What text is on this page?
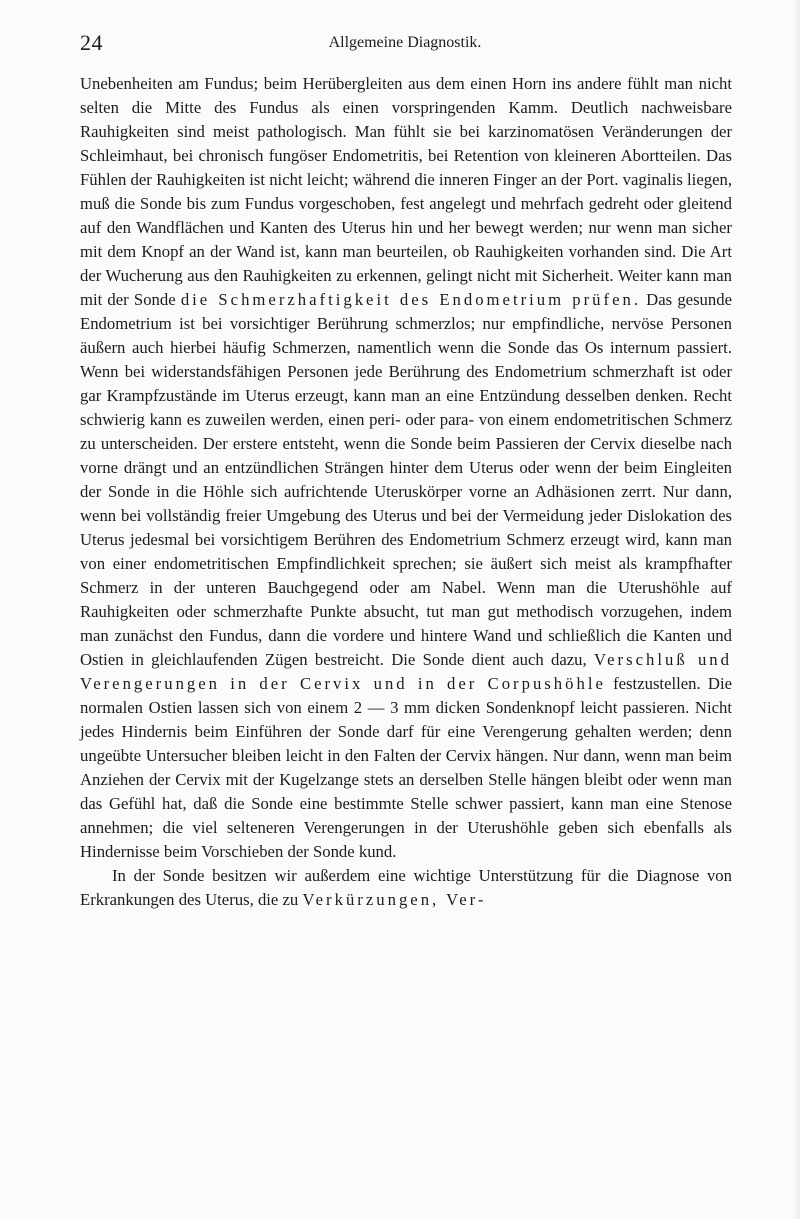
24	Allgemeine Diagnostik.

Unebenheiten am Fundus; beim Herübergleiten aus dem einen Horn ins andere fühlt man nicht selten die Mitte des Fundus als einen vorspringenden Kamm. Deutlich nachweisbare Rauhigkeiten sind meist pathologisch. Man fühlt sie bei karzinomatösen Veränderungen der Schleimhaut, bei chronisch fungöser Endometritis, bei Retention von kleineren Abortteilen. Das Fühlen der Rauhigkeiten ist nicht leicht; während die inneren Finger an der Port. vaginalis liegen, muß die Sonde bis zum Fundus vorgeschoben, fest angelegt und mehrfach gedreht oder gleitend auf den Wandflächen und Kanten des Uterus hin und her bewegt werden; nur wenn man sicher mit dem Knopf an der Wand ist, kann man beurteilen, ob Rauhigkeiten vorhanden sind. Die Art der Wucherung aus den Rauhigkeiten zu erkennen, gelingt nicht mit Sicherheit. Weiter kann man mit der Sonde die Schmerzhaftigkeit des Endometrium prüfen. Das gesunde Endometrium ist bei vorsichtiger Berührung schmerzlos; nur empfindliche, nervöse Personen äußern auch hierbei häufig Schmerzen, namentlich wenn die Sonde das Os internum passiert. Wenn bei widerstandsfähigen Personen jede Berührung des Endometrium schmerzhaft ist oder gar Krampfzustände im Uterus erzeugt, kann man an eine Entzündung desselben denken. Recht schwierig kann es zuweilen werden, einen peri- oder para- von einem endometritischen Schmerz zu unterscheiden. Der erstere entsteht, wenn die Sonde beim Passieren der Cervix dieselbe nach vorne drängt und an entzündlichen Strängen hinter dem Uterus oder wenn der beim Eingleiten der Sonde in die Höhle sich aufrichtende Uteruskörper vorne an Adhäsionen zerrt. Nur dann, wenn bei vollständig freier Umgebung des Uterus und bei der Vermeidung jeder Dislokation des Uterus jedesmal bei vorsichtigem Berühren des Endometrium Schmerz erzeugt wird, kann man von einer endometritischen Empfindlichkeit sprechen; sie äußert sich meist als krampfhafter Schmerz in der unteren Bauchgegend oder am Nabel. Wenn man die Uterushöhle auf Rauhigkeiten oder schmerzhafte Punkte absucht, tut man gut methodisch vorzugehen, indem man zunächst den Fundus, dann die vordere und hintere Wand und schließlich die Kanten und Ostien in gleichlaufenden Zügen bestreicht. Die Sonde dient auch dazu, Verschluß und Verengerungen in der Cervix und in der Corpushöhle festzustellen. Die normalen Ostien lassen sich von einem 2 — 3 mm dicken Sondenknopf leicht passieren. Nicht jedes Hindernis beim Einführen der Sonde darf für eine Verengerung gehalten werden; denn ungeübte Untersucher bleiben leicht in den Falten der Cervix hängen. Nur dann, wenn man beim Anziehen der Cervix mit der Kugelzange stets an derselben Stelle hängen bleibt oder wenn man das Gefühl hat, daß die Sonde eine bestimmte Stelle schwer passiert, kann man eine Stenose annehmen; die viel selteneren Verengerungen in der Uterushöhle geben sich ebenfalls als Hindernisse beim Vorschieben der Sonde kund.

In der Sonde besitzen wir außerdem eine wichtige Unterstützung für die Diagnose von Erkrankungen des Uterus, die zu Verkürzungen, Ver-
